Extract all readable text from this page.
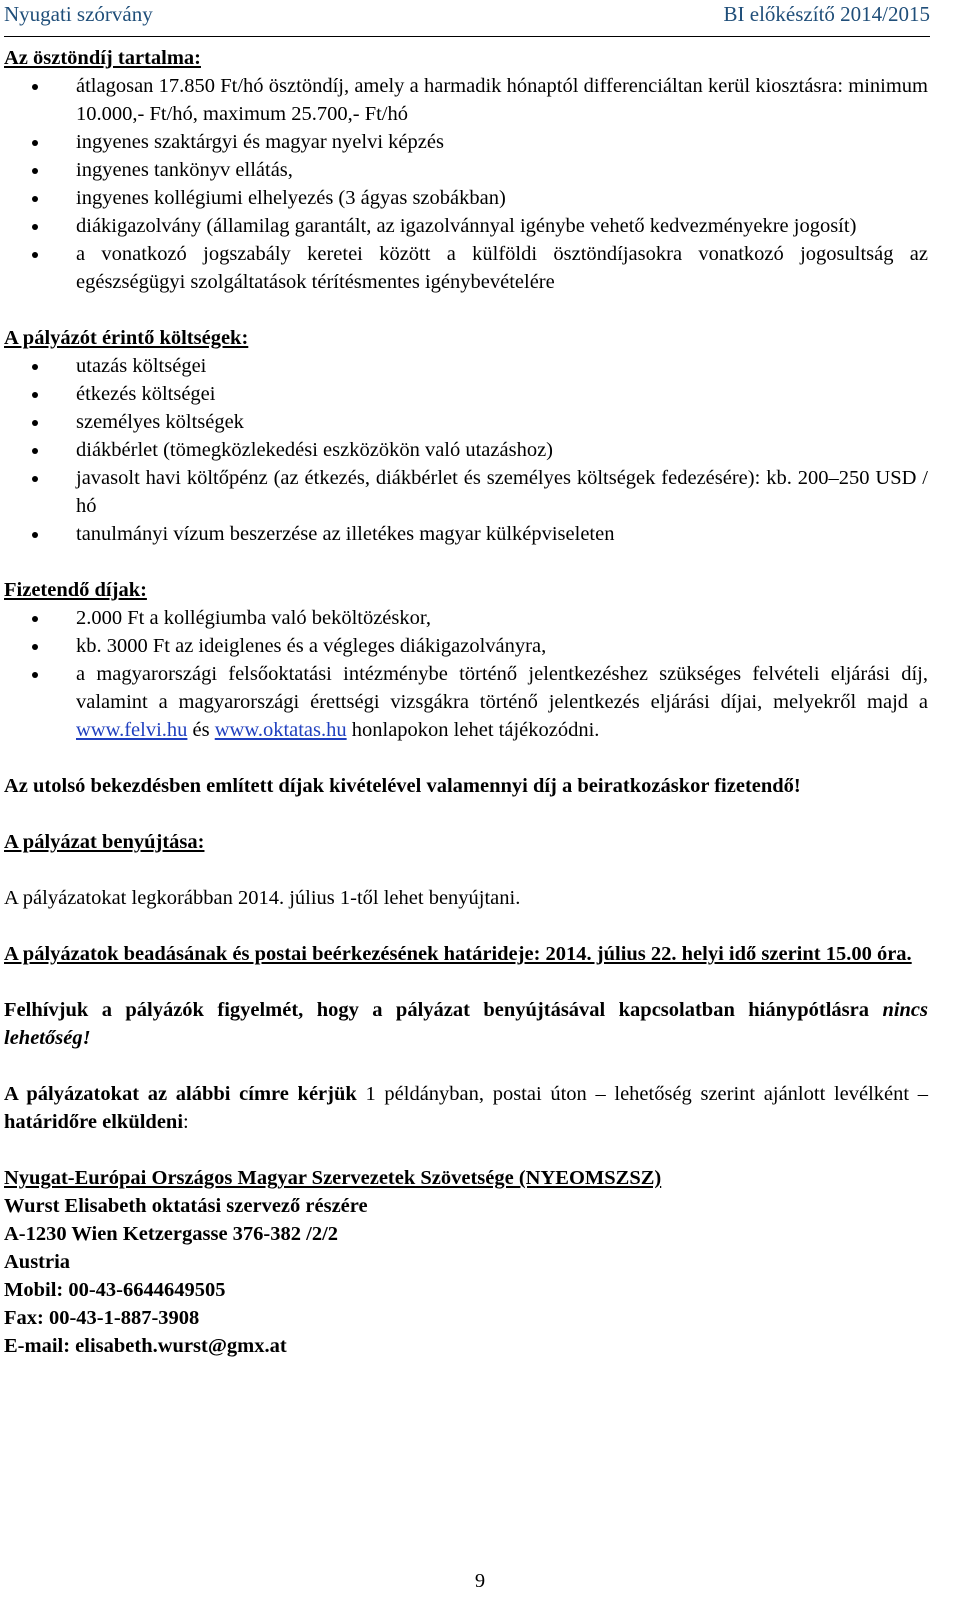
Nyugati szórvány	BI előkészítő 2014/2015

Az ösztöndíj tartalma:

átlagosan 17.850 Ft/hó ösztöndíj, amely a harmadik hónaptól differenciáltan kerül kiosztásra: minimum 10.000,- Ft/hó, maximum 25.700,- Ft/hó
ingyenes szaktárgyi és magyar nyelvi képzés
ingyenes tankönyv ellátás,
ingyenes kollégiumi elhelyezés (3 ágyas szobákban)
diákigazolvány (államilag garantált, az igazolvánnyal igénybe vehető kedvezményekre jogosít)
a vonatkozó jogszabály keretei között a külföldi ösztöndíjasokra vonatkozó jogosultság az egészségügyi szolgáltatások térítésmentes igénybevételére

A pályázót érintő költségek:

utazás költségei
étkezés költségei
személyes költségek
diákbérlet (tömegközlekedési eszközökön való utazáshoz)
javasolt havi költőpénz (az étkezés, diákbérlet és személyes költségek fedezésére): kb. 200–250 USD / hó
tanulmányi vízum beszerzése az illetékes magyar külképviseleten

Fizetendő díjak:

2.000 Ft a kollégiumba való beköltözéskor,
kb. 3000 Ft az ideiglenes és a végleges diákigazolványra,
a magyarországi felsőoktatási intézménybe történő jelentkezéshez szükséges felvételi eljárási díj, valamint a magyarországi érettségi vizsgákra történő jelentkezés eljárási díjai, melyekről majd a www.felvi.hu és www.oktatas.hu honlapokon lehet tájékozódni.

Az utolsó bekezdésben említett díjak kivételével valamennyi díj a beiratkozáskor fizetendő!

A pályázat benyújtása:

A pályázatokat legkorábban 2014. július 1-től lehet benyújtani.

A pályázatok beadásának és postai beérkezésének határideje: 2014. július 22. helyi idő szerint 15.00 óra.

Felhívjuk a pályázók figyelmét, hogy a pályázat benyújtásával kapcsolatban hiánypótlásra nincs lehetőség!

A pályázatokat az alábbi címre kérjük 1 példányban, postai úton – lehetőség szerint ajánlott levélként – határidőre elküldeni:

Nyugat-Európai Országos Magyar Szervezetek Szövetsége (NYEOMSZSZ)

Wurst Elisabeth oktatási szervező részére

A-1230 Wien Ketzergasse 376-382 /2/2

Austria

Mobil: 00-43-6644649505

Fax: 00-43-1-887-3908

E-mail: elisabeth.wurst@gmx.at

9
